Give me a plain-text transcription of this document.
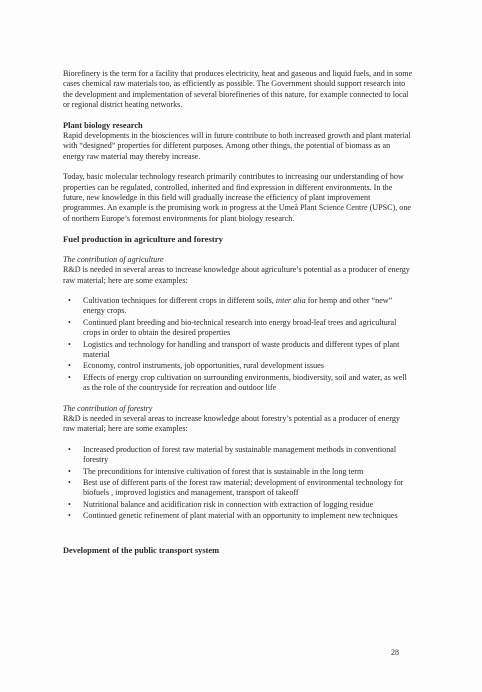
Biorefinery is the term for a facility that produces electricity, heat and gaseous and liquid fuels, and in some cases chemical raw materials too, as efficiently as possible. The Government should support research into the development and implementation of several biorefineries of this nature, for example connected to local or regional district heating networks.

Plant biology research

Rapid developments in the biosciences will in future contribute to both increased growth and plant material with “designed” properties for different purposes. Among other things, the potential of biomass as an energy raw material may thereby increase.

Today, basic molecular technology research primarily contributes to increasing our understanding of how properties can be regulated, controlled, inherited and find expression in different environments. In the future, new knowledge in this field will gradually increase the efficiency of plant improvement programmes. An example is the promising work in progress at the Umeå Plant Science Centre (UPSC), one of northern Europe’s foremost environments for plant biology research.

Fuel production in agriculture and forestry

The contribution of agriculture

R&D is needed in several areas to increase knowledge about agriculture’s potential as a producer of energy raw material; here are some examples:

• Cultivation techniques for different crops in different soils, inter alia for hemp and other “new” energy crops.
• Continued plant breeding and bio-technical research into energy broad-leaf trees and agricultural crops in order to obtain the desired properties
• Logistics and technology for handling and transport of waste products and different types of plant material
• Economy, control instruments, job opportunities, rural development issues
• Effects of energy crop cultivation on surrounding environments, biodiversity, soil and water, as well as the role of the countryside for recreation and outdoor life

The contribution of forestry

R&D is needed in several areas to increase knowledge about forestry’s potential as a producer of energy raw material; here are some examples:

• Increased production of forest raw material by sustainable management methods in conventional forestry
• The preconditions for intensive cultivation of forest that is sustainable in the long term
• Best use of different parts of the forest raw material; development of environmental technology for biofuels , improved logistics and management, transport of takeoff
• Nutritional balance and acidification risk in connection with extraction of logging residue
• Continued genetic refinement of plant material with an opportunity to implement new techniques

Development of the public transport system

28
